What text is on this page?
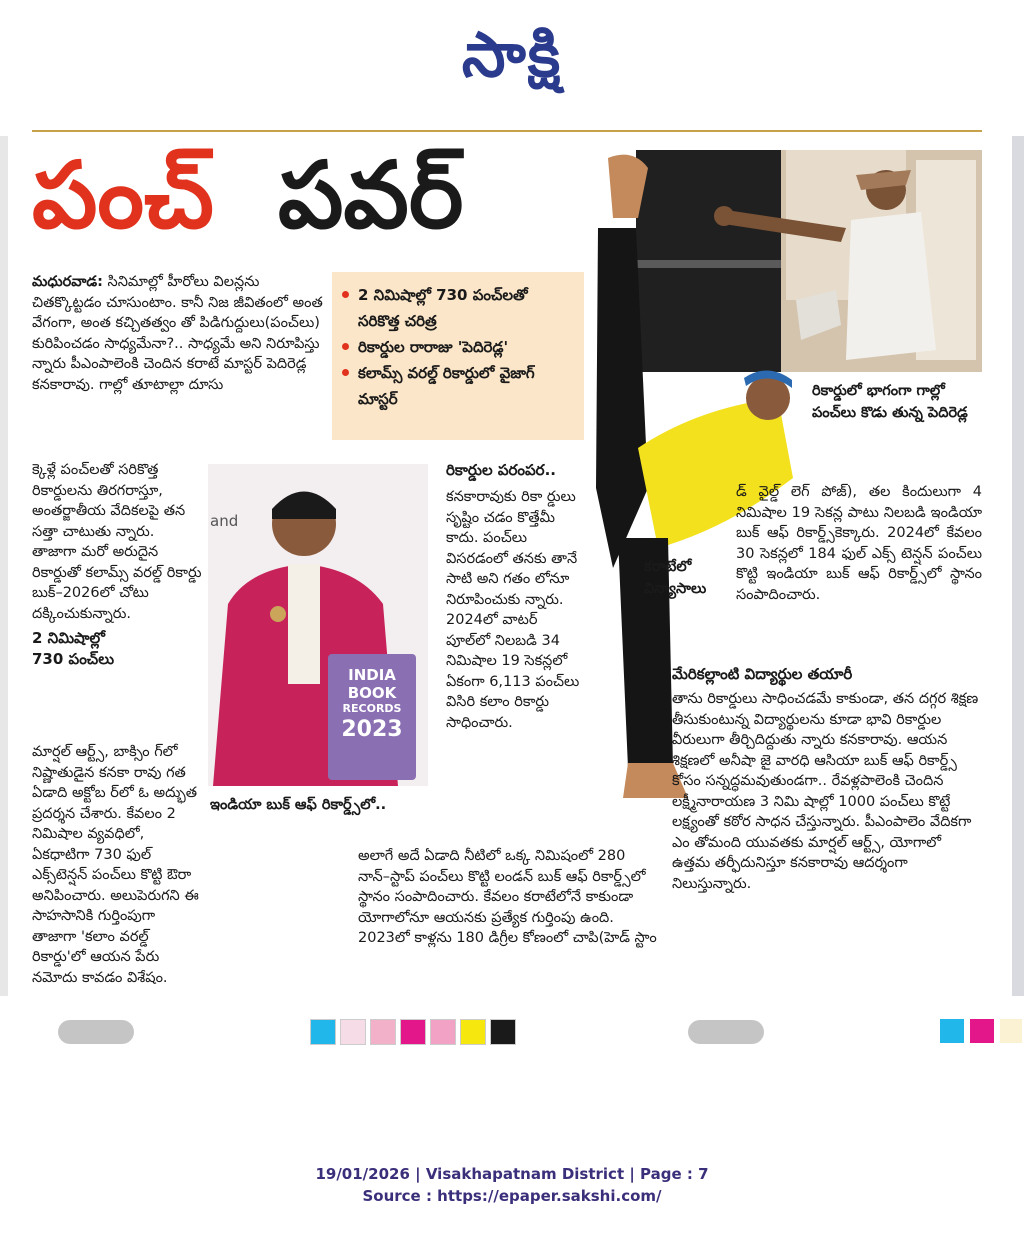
సాక్షి
పంచ్ పవర్
2 నిమిషాల్లో 730 పంచ్‌లతో సరికొత్త చరిత్ర
రికార్డుల రారాజు 'పెదిరెడ్ల'
కలామ్స్ వరల్డ్ రికార్డులో వైజాగ్ మాస్టర్

మధురవాడ: సినిమాల్లో హీరోలు విలన్లను చితక్కొట్టడం చూసుంటాం. కానీ నిజ జీవితంలో అంత వేగంగా, అంత కచ్చితత్వం తో పిడిగుద్దులు(పంచ్‌లు) కురిపించడం సాధ్యమేనా?.. సాధ్యమే అని నిరూపిస్తు న్నారు పీఎంపాలెంకి చెందిన కరాటే మాస్టర్ పెదిరెడ్ల కనకారావు. గాల్లో తూటాల్లా దూసు

క్కెళ్లే పంచ్‌లతో సరికొత్త రికార్డులను తిరగరాస్తూ, అంతర్జాతీయ వేదికలపై తన సత్తా చాటుతు న్నారు. తాజాగా మరో అరుదైన రికార్డుతో కలామ్స్ వరల్డ్ రికార్డు బుక్–2026లో చోటు దక్కించుకున్నారు.

2 నిమిషాల్లో
730 పంచ్‌లు

మార్షల్ ఆర్ట్స్, బాక్సిం గ్‌లో నిష్ణాతుడైన కనకా రావు గత ఏడాది అక్టోబ ర్‌లో ఓ అద్భుత ప్రదర్శన చేశారు. కేవలం 2 నిమిషాల వ్యవధిలో, ఏకధాటిగా 730 ఫుల్ ఎక్స్‌టెన్షన్ పంచ్‌లు కొట్టి ఔరా అనిపించారు. అలుపెరుగని ఈ సాహసానికి గుర్తింపుగా తాజాగా 'కలాం వరల్డ్ రికార్డు'లో ఆయన పేరు నమోదు కావడం విశేషం.

and
INDIA
BOOK
RECORDS
2023
ఇండియా బుక్ ఆఫ్ రికార్డ్స్‌లో..

రికార్డుల పరంపర..

కనకారావుకు రికా ర్డులు సృష్టిం చడం కొత్తేమీ కాదు. పంచ్‌లు విసరడంలో తనకు తానే సాటి అని గతం లోనూ నిరూపించుకు న్నారు. 2024లో వాటర్ పూల్‌లో నిలబడి 34 నిమిషాల 19 సెకన్లలో ఏకంగా 6,113 పంచ్‌లు విసిరి కలాం రికార్డు సాధించారు.

అలాగే అదే ఏడాది నీటిలో ఒక్క నిమిషంలో 280 నాన్–స్టాప్ పంచ్‌లు కొట్టి లండన్ బుక్ ఆఫ్ రికార్డ్స్‌లో స్థానం సంపాదించారు. కేవలం కరాటేలోనే కాకుండా యోగాలోనూ ఆయనకు ప్రత్యేక గుర్తింపు ఉంది. 2023లో కాళ్లను 180 డిగ్రీల కోణంలో చాపి(హెడ్ స్టాం

కరాటేలో విన్యాసాలు
రికార్డులో భాగంగా గాల్లో పంచ్‌లు కొడు తున్న పెదిరెడ్ల

డ్ వైల్డ్ లెగ్ పోజ్), తల కిందులుగా 4 నిమిషాల 19 సెకన్ల పాటు నిలబడి ఇండియా బుక్ ఆఫ్ రికార్డ్స్‌కెక్కారు. 2024లో కేవలం 30 సెకన్లలో 184 ఫుల్ ఎక్స్ టెన్షన్ పంచ్‌లు కొట్టి ఇండియా బుక్ ఆఫ్ రికార్డ్స్‌లో స్థానం సంపాదించారు.

మేరికల్లాంటి విద్యార్థుల తయారీ

తాను రికార్డులు సాధించడమే కాకుండా, తన దగ్గర శిక్షణ తీసుకుంటున్న విద్యార్థులను కూడా భావి రికార్డుల వీరులుగా తీర్చిదిద్దుతు న్నారు కనకారావు. ఆయన శిక్షణలో అనీషా జై వారధి ఆసియా బుక్ ఆఫ్ రికార్డ్స్ కోసం సన్నద్ధమవుతుండగా.. రేవళ్లపాలెంకి చెందిన లక్ష్మీనారాయణ 3 నిమి షాల్లో 1000 పంచ్‌లు కొట్టే లక్ష్యంతో కఠోర సాధన చేస్తున్నారు. పీఎంపాలెం వేదికగా ఎం తోమంది యువతకు మార్షల్ ఆర్ట్స్, యోగాలో ఉత్తమ తర్ఫీదునిస్తూ కనకారావు ఆదర్శంగా నిలుస్తున్నారు.

19/01/2026 | Visakhapatnam District | Page : 7
Source : https://epaper.sakshi.com/
